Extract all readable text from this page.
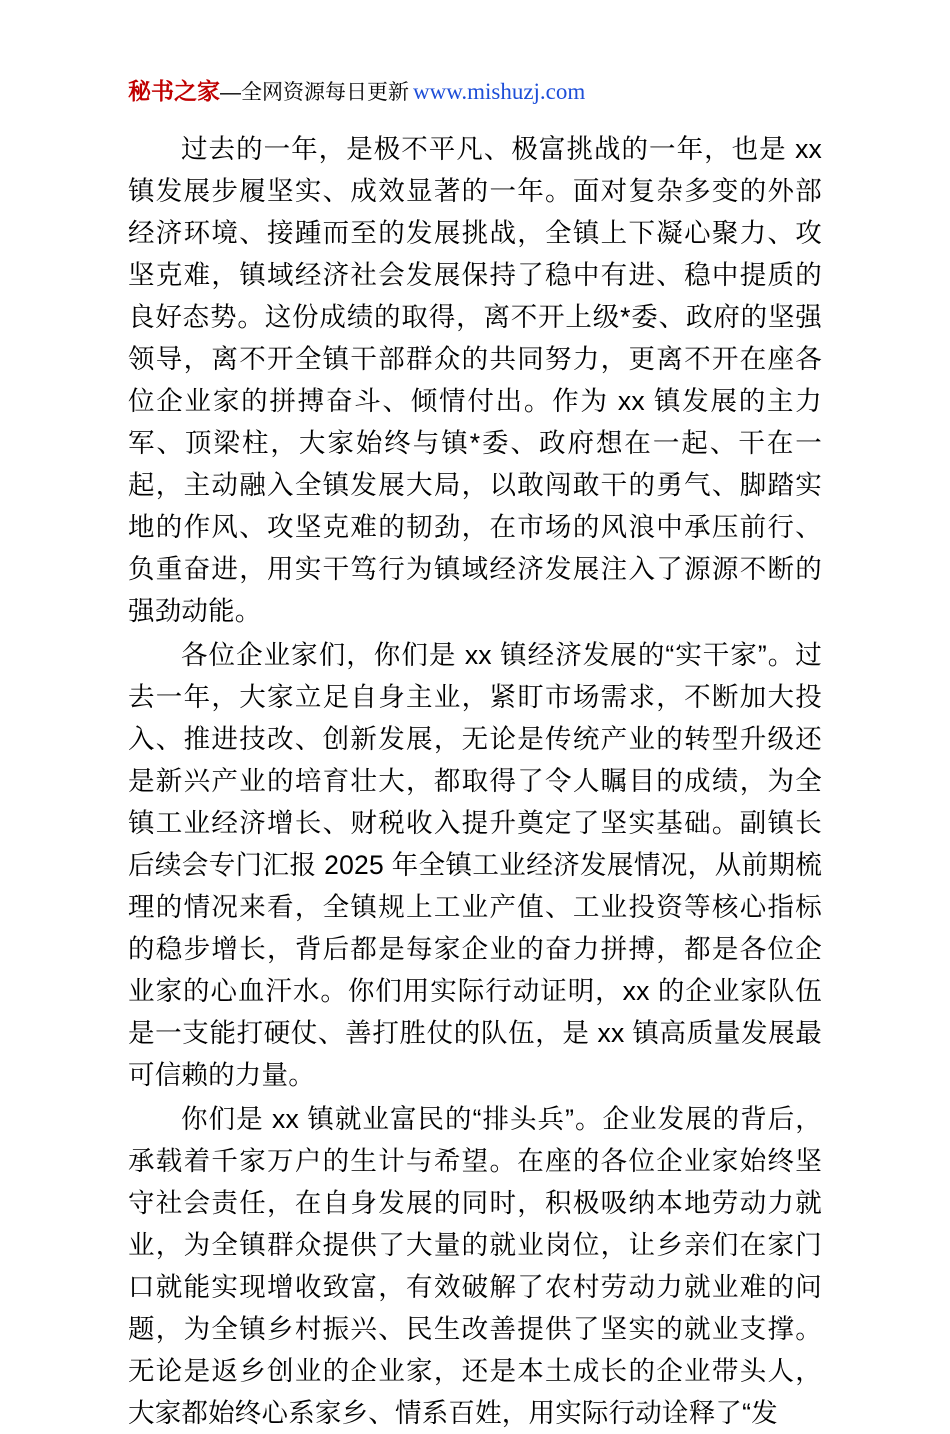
秘书之家—全网资源每日更新 www.mishuzj.com

过去的一年，是极不平凡、极富挑战的一年，也是 xx 镇发展步履坚实、成效显著的一年。面对复杂多变的外部经济环境、接踵而至的发展挑战，全镇上下凝心聚力、攻坚克难，镇域经济社会发展保持了稳中有进、稳中提质的良好态势。这份成绩的取得，离不开上级*委、政府的坚强领导，离不开全镇干部群众的共同努力，更离不开在座各位企业家的拼搏奋斗、倾情付出。作为 xx 镇发展的主力军、顶梁柱，大家始终与镇*委、政府想在一起、干在一起，主动融入全镇发展大局，以敢闯敢干的勇气、脚踏实地的作风、攻坚克难的韧劲，在市场的风浪中承压前行、负重奋进，用实干笃行为镇域经济发展注入了源源不断的强劲动能。

各位企业家们，你们是 xx 镇经济发展的“实干家”。过去一年，大家立足自身主业，紧盯市场需求，不断加大投入、推进技改、创新发展，无论是传统产业的转型升级还是新兴产业的培育壮大，都取得了令人瞩目的成绩，为全镇工业经济增长、财税收入提升奠定了坚实基础。副镇长后续会专门汇报 2025 年全镇工业经济发展情况，从前期梳理的情况来看，全镇规上工业产值、工业投资等核心指标的稳步增长，背后都是每家企业的奋力拼搏，都是各位企业家的心血汗水。你们用实际行动证明，xx 的企业家队伍是一支能打硬仗、善打胜仗的队伍，是 xx 镇高质量发展最可信赖的力量。

你们是 xx 镇就业富民的“排头兵”。企业发展的背后，承载着千家万户的生计与希望。在座的各位企业家始终坚守社会责任，在自身发展的同时，积极吸纳本地劳动力就业，为全镇群众提供了大量的就业岗位，让乡亲们在家门口就能实现增收致富，有效破解了农村劳动力就业难的问题，为全镇乡村振兴、民生改善提供了坚实的就业支撑。无论是返乡创业的企业家，还是本土成长的企业带头人，大家都始终心系家乡、情系百姓，用实际行动诠释了“发
